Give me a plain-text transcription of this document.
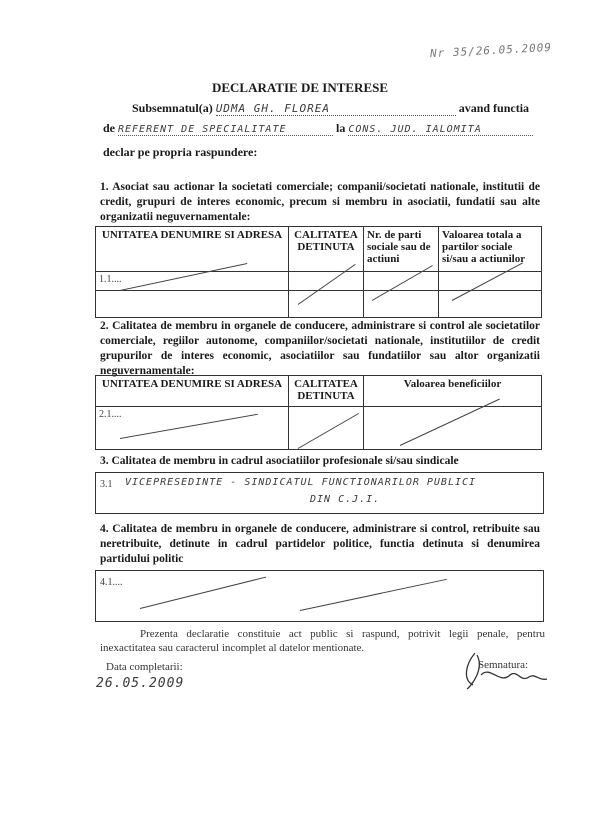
Nr 35/26.05.2009
DECLARATIE DE INTERESE
Subsemnatul(a) UDMA GH. FLOREA	avand functia
de REFERENT DE SPECIALITATE	la CONS. JUD. IALOMITA
declar pe propria raspundere:
1. Asociat sau actionar la societati comerciale; companii/societati nationale, institutii de credit, grupuri de interes economic, precum si membru in asociatii, fundatii sau alte organizatii neguvernamentale:
UNITATEA DENUMIRE SI ADRESA	CALITATEA DETINUTA	Nr. de parti sociale sau de actiuni	Valoarea totala a partilor sociale si/sau a actiunilor
1.1....			

2. Calitatea de membru in organele de conducere, administrare si control ale societatilor comerciale, regiilor autonome, companiilor/societati nationale, institutiilor de credit grupurilor de interes economic, asociatiilor sau fundatiilor sau altor organizatii neguvernamentale:
UNITATEA DENUMIRE SI ADRESA	CALITATEA DETINUTA	Valoarea beneficiilor
2.1....		
3. Calitatea de membru in cadrul asociatiilor profesionale si/sau sindicale
3.1 VICEPRESEDINTE - SINDICATUL FUNCTIONARILOR PUBLICI
DIN C.J.I.
4. Calitatea de membru in organele de conducere, administrare si control, retribuite sau neretribuite, detinute in cadrul partidelor politice, functia detinuta si denumirea partidului politic
4.1....
Prezenta declaratie constituie act public si raspund, potrivit legii penale, pentru inexactitatea sau caracterul incomplet al datelor mentionate.
Data completarii:
26.05.2009
Semnatura:
